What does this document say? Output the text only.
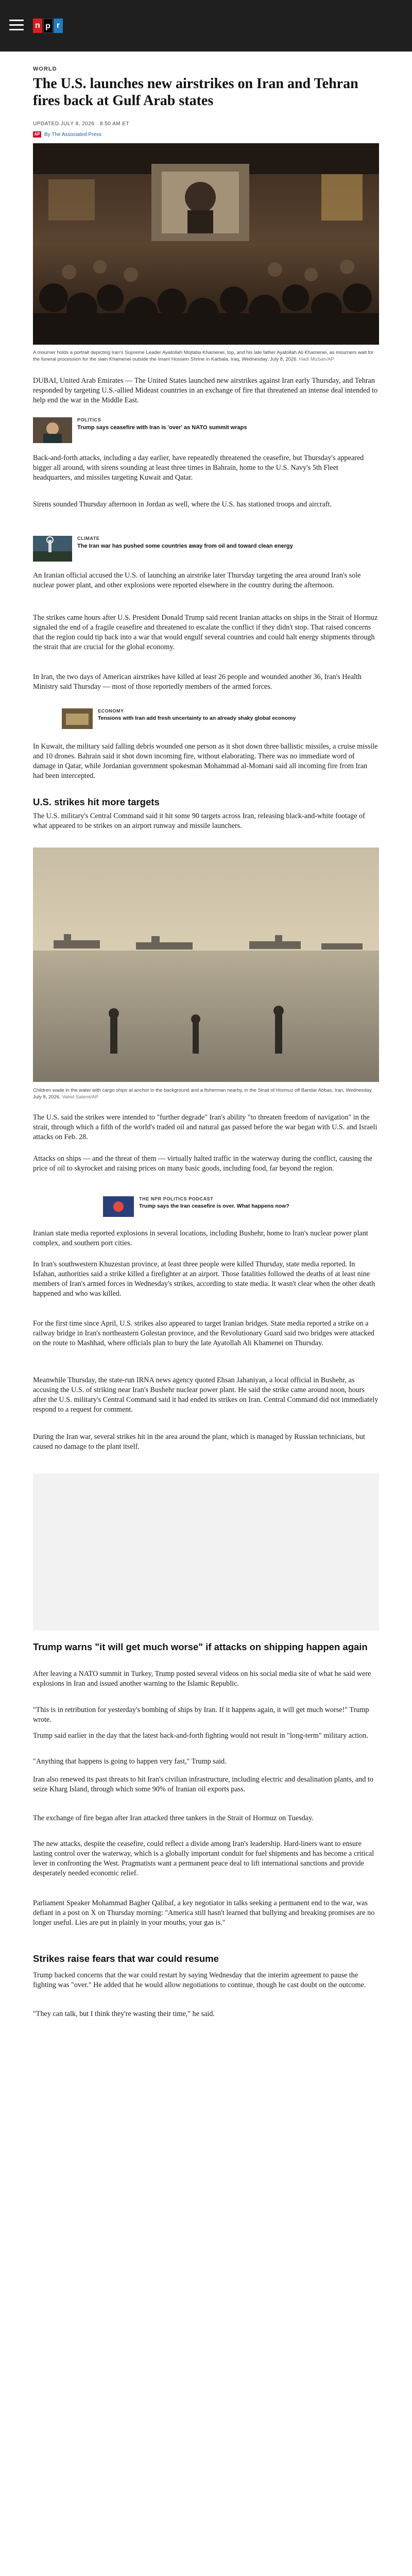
n p r
WORLD
The U.S. launches new airstrikes on Iran and Tehran fires back at Gulf Arab states
UPDATED JULY 8, 2026 · 8:50 AM ET
AP By The Associated Press
A mourner holds a portrait depicting Iran's Supreme Leader Ayatollah Mojtaba Khamenei, top, and his late father Ayatollah Ali Khamenei, as mourners wait for the funeral procession for the slain Khamenei outside the Imam Hossein Shrine in Karbala, Iraq, Wednesday, July 8, 2026. Hadi Mizban/AP

DUBAI, United Arab Emirates — The United States launched new airstrikes against Iran early Thursday, and Tehran responded by targeting U.S.-allied Mideast countries in an exchange of fire that threatened an intense deal intended to help end the war in the Middle East.

POLITICS
Trump says ceasefire with Iran is 'over' as NATO summit wraps

Back-and-forth attacks, including a day earlier, have repeatedly threatened the ceasefire, but Thursday's appeared bigger all around, with sirens sounding at least three times in Bahrain, home to the U.S. Navy's 5th Fleet headquarters, and missiles targeting Kuwait and Qatar.

Sirens sounded Thursday afternoon in Jordan as well, where the U.S. has stationed troops and aircraft.

CLIMATE
The Iran war has pushed some countries away from oil and toward clean energy

An Iranian official accused the U.S. of launching an airstrike later Thursday targeting the area around Iran's sole nuclear power plant, and other explosions were reported elsewhere in the country during the afternoon.

The strikes came hours after U.S. President Donald Trump said recent Iranian attacks on ships in the Strait of Hormuz signaled the end of a fragile ceasefire and threatened to escalate the conflict if they didn't stop. That raised concerns that the region could tip back into a war that would engulf several countries and could halt energy shipments through the strait that are crucial for the global economy.

In Iran, the two days of American airstrikes have killed at least 26 people and wounded another 36, Iran's Health Ministry said Thursday — most of those reportedly members of the armed forces.

ECONOMY
Tensions with Iran add fresh uncertainty to an already shaky global economy

In Kuwait, the military said falling debris wounded one person as it shot down three ballistic missiles, a cruise missile and 10 drones. Bahrain said it shot down incoming fire, without elaborating. There was no immediate word of damage in Qatar, while Jordanian government spokesman Mohammad al-Momani said all incoming fire from Iran had been intercepted.

U.S. strikes hit more targets

The U.S. military's Central Command said it hit some 90 targets across Iran, releasing black-and-white footage of what appeared to be strikes on an airport runway and missile launchers.

Children wade in the water with cargo ships at anchor in the background and a fisherman nearby, in the Strait of Hormuz off Bandar Abbas, Iran, Wednesday, July 8, 2026. Vahid Salemi/AP

The U.S. said the strikes were intended to "further degrade" Iran's ability "to threaten freedom of navigation" in the strait, through which a fifth of the world's traded oil and natural gas passed before the war began with U.S. and Israeli attacks on Feb. 28.

Attacks on ships — and the threat of them — virtually halted traffic in the waterway during the conflict, causing the price of oil to skyrocket and raising prices on many basic goods, including food, far beyond the region.

THE NPR POLITICS PODCAST
Trump says the Iran ceasefire is over. What happens now?

Iranian state media reported explosions in several locations, including Bushehr, home to Iran's nuclear power plant complex, and southern port cities.

In Iran's southwestern Khuzestan province, at least three people were killed Thursday, state media reported. In Isfahan, authorities said a strike killed a firefighter at an airport. Those fatalities followed the deaths of at least nine members of Iran's armed forces in Wednesday's strikes, according to state media. It wasn't clear when the other death happened and who was killed.

For the first time since April, U.S. strikes also appeared to target Iranian bridges. State media reported a strike on a railway bridge in Iran's northeastern Golestan province, and the Revolutionary Guard said two bridges were attacked on the route to Mashhad, where officials plan to bury the late Ayatollah Ali Khamenei on Thursday.

Meanwhile Thursday, the state-run IRNA news agency quoted Ehsan Jahaniyan, a local official in Bushehr, as accusing the U.S. of striking near Iran's Bushehr nuclear power plant. He said the strike came around noon, hours after the U.S. military's Central Command said it had ended its strikes on Iran. Central Command did not immediately respond to a request for comment.

During the Iran war, several strikes hit in the area around the plant, which is managed by Russian technicians, but caused no damage to the plant itself.

Trump warns "it will get much worse" if attacks on shipping happen again

After leaving a NATO summit in Turkey, Trump posted several videos on his social media site of what he said were explosions in Iran and issued another warning to the Islamic Republic.

"This is in retribution for yesterday's bombing of ships by Iran. If it happens again, it will get much worse!" Trump wrote.

Trump said earlier in the day that the latest back-and-forth fighting would not result in "long-term" military action.

"Anything that happens is going to happen very fast," Trump said.

Iran also renewed its past threats to hit Iran's civilian infrastructure, including electric and desalination plants, and to seize Kharg Island, through which some 90% of Iranian oil exports pass.

The exchange of fire began after Iran attacked three tankers in the Strait of Hormuz on Tuesday.

The new attacks, despite the ceasefire, could reflect a divide among Iran's leadership. Hard-liners want to ensure lasting control over the waterway, which is a globally important conduit for fuel shipments and has become a critical lever in confronting the West. Pragmatists want a permanent peace deal to lift international sanctions and provide desperately needed economic relief.

Parliament Speaker Mohammad Bagher Qalibaf, a key negotiator in talks seeking a permanent end to the war, was defiant in a post on X on Thursday morning: "America still hasn't learned that bullying and breaking promises are no longer useful. Lies are put in plainly in your mouths, your gas is."

Strikes raise fears that war could resume

Trump backed concerns that the war could restart by saying Wednesday that the interim agreement to pause the fighting was "over." He added that he would allow negotiations to continue, though he cast doubt on the outcome.

"They can talk, but I think they're wasting their time," he said.
